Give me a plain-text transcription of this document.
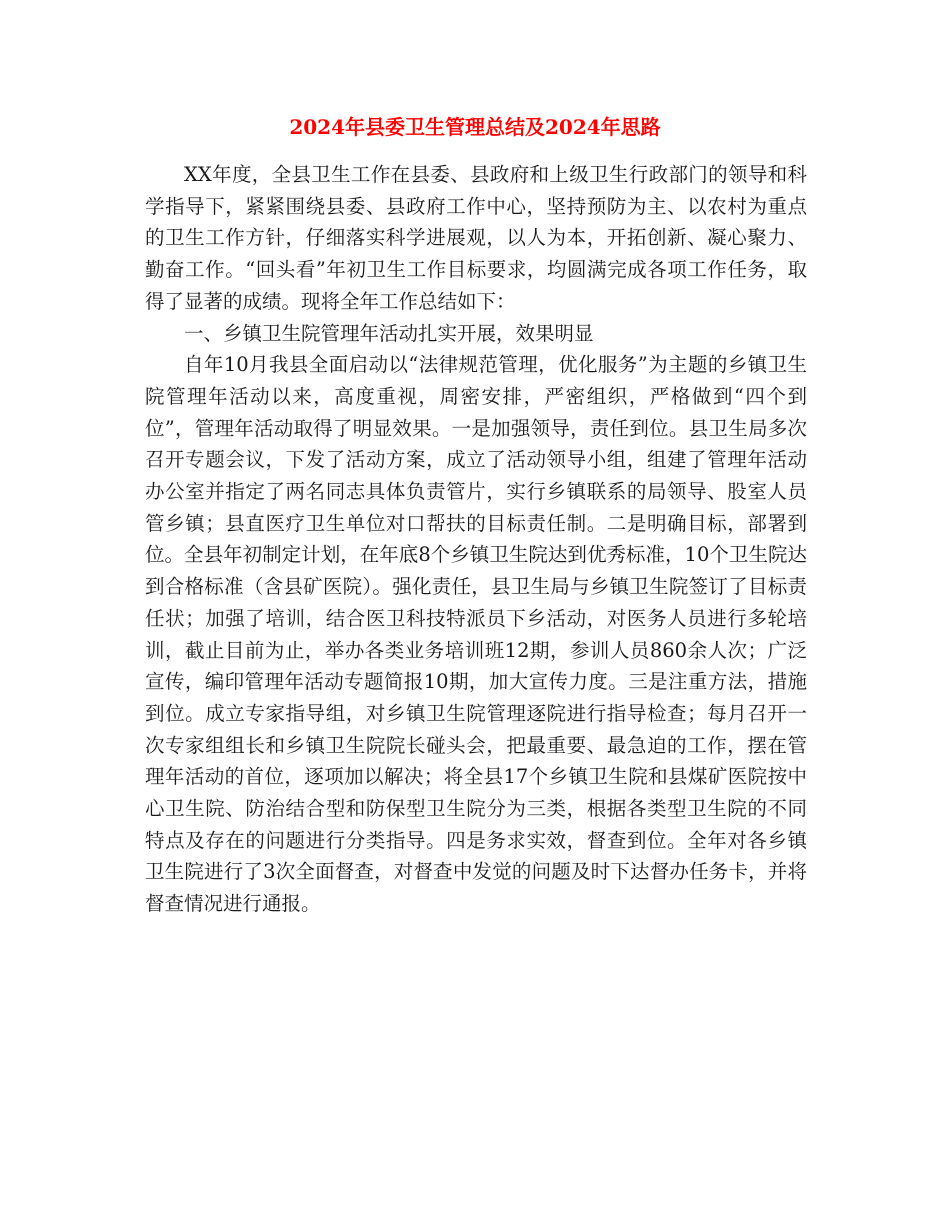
2024年县委卫生管理总结及2024年思路

XX年度，全县卫生工作在县委、县政府和上级卫生行政部门的领导和科学指导下，紧紧围绕县委、县政府工作中心，坚持预防为主、以农村为重点的卫生工作方针，仔细落实科学进展观，以人为本，开拓创新、凝心聚力、勤奋工作。“回头看”年初卫生工作目标要求，均圆满完成各项工作任务，取得了显著的成绩。现将全年工作总结如下：

一、乡镇卫生院管理年活动扎实开展，效果明显

自年10月我县全面启动以“法律规范管理，优化服务”为主题的乡镇卫生院管理年活动以来，高度重视，周密安排，严密组织，严格做到“四个到位”，管理年活动取得了明显效果。一是加强领导，责任到位。县卫生局多次召开专题会议，下发了活动方案，成立了活动领导小组，组建了管理年活动办公室并指定了两名同志具体负责管片，实行乡镇联系的局领导、股室人员管乡镇；县直医疗卫生单位对口帮扶的目标责任制。二是明确目标，部署到位。全县年初制定计划，在年底8个乡镇卫生院达到优秀标准，10个卫生院达到合格标准（含县矿医院）。强化责任，县卫生局与乡镇卫生院签订了目标责任状；加强了培训，结合医卫科技特派员下乡活动，对医务人员进行多轮培训，截止目前为止，举办各类业务培训班12期，参训人员860余人次；广泛宣传，编印管理年活动专题简报10期，加大宣传力度。三是注重方法，措施到位。成立专家指导组，对乡镇卫生院管理逐院进行指导检查；每月召开一次专家组组长和乡镇卫生院院长碰头会，把最重要、最急迫的工作，摆在管理年活动的首位，逐项加以解决；将全县17个乡镇卫生院和县煤矿医院按中心卫生院、防治结合型和防保型卫生院分为三类，根据各类型卫生院的不同特点及存在的问题进行分类指导。四是务求实效，督查到位。全年对各乡镇卫生院进行了3次全面督查，对督查中发觉的问题及时下达督办任务卡，并将督查情况进行通报。
